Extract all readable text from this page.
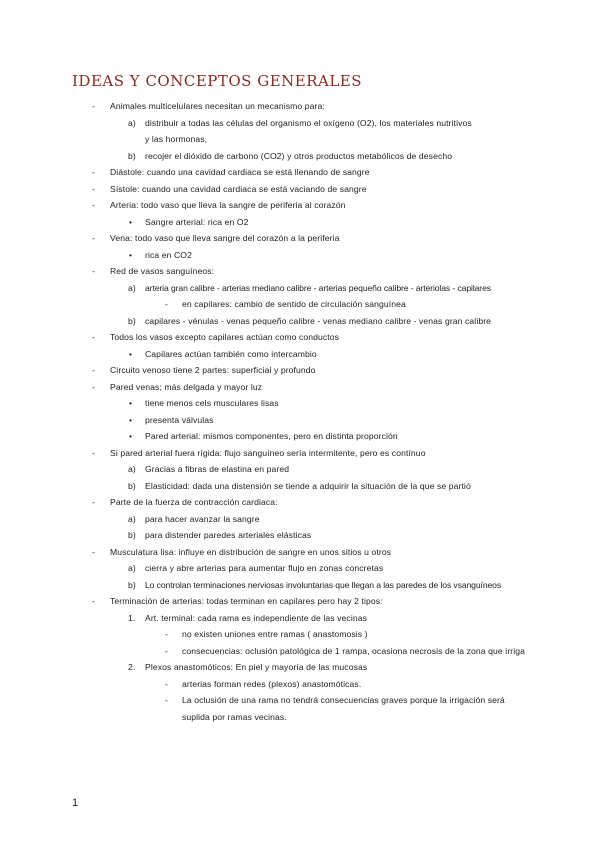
IDEAS Y CONCEPTOS GENERALES
- Animales multicelulares necesitan un mecanismo para:
a) distribuir a todas las células del organismo el oxígeno (O2), los materiales nutritivos y las hormonas,
b) recojer el dióxido de carbono (CO2) y otros productos metabólicos de desecho
- Diástole: cuando una cavidad cardiaca se está llenando de sangre
- Sístole: cuando una cavidad cardiaca se está vaciando de sangre
- Arteria: todo vaso que lleva la sangre de periferia al corazón
• Sangre arterial: rica en O2
- Vena: todo vaso que lleva sangre del corazón a la periferia
• rica en CO2
- Red de vasos sanguíneos:
a) arteria gran calibre - arterias mediano calibre - arterias pequeño calibre - arteriolas - capilares
- en capilares: cambio de sentido de circulación sanguínea
b) capilares - vénulas - venas pequeño calibre - venas mediano calibre - venas gran calibre
- Todos los vasos excepto capilares actúan como conductos
• Capilares actúan también como intercambio
- Circuito venoso tiene 2 partes: superficial y profundo
- Pared venas; más delgada y mayor luz
• tiene menos cels musculares lisas
• presenta válvulas
• Pared arterial: mismos componentes, pero en distinta proporción
- Si pared arterial fuera rígida: flujo sanguíneo sería intermitente, pero es contínuo
a) Gracias a fibras de elastina en pared
b) Elasticidad: dada una distensión se tiende a adquirir la situación de la que se partió
- Parte de la fuerza de contracción cardiaca:
a) para hacer avanzar la sangre
b) para distender paredes arteriales elásticas
- Musculatura lisa: influye en distribución de sangre en unos sitios u otros
a) cierra y abre arterias para aumentar flujo en zonas concretas
b) Lo controlan terminaciones nerviosas involuntarias que llegan a las paredes de los vsanguíneos
- Terminación de arterias: todas terminan en capilares pero hay 2 tipos:
1. Art. terminal: cada rama es independiente de las vecinas
- no existen uniones entre ramas ( anastomosis )
- consecuencias: oclusión patológica de 1 rampa, ocasiona necrosis de la zona que irriga
2. Plexos anastomóticos: En piel y mayoría de las mucosas
- arterias forman redes (plexos) anastomóticas.
- La oclusión de una rama no tendrá consecuencias graves porque la irrigación será suplida por ramas vecinas.
1
